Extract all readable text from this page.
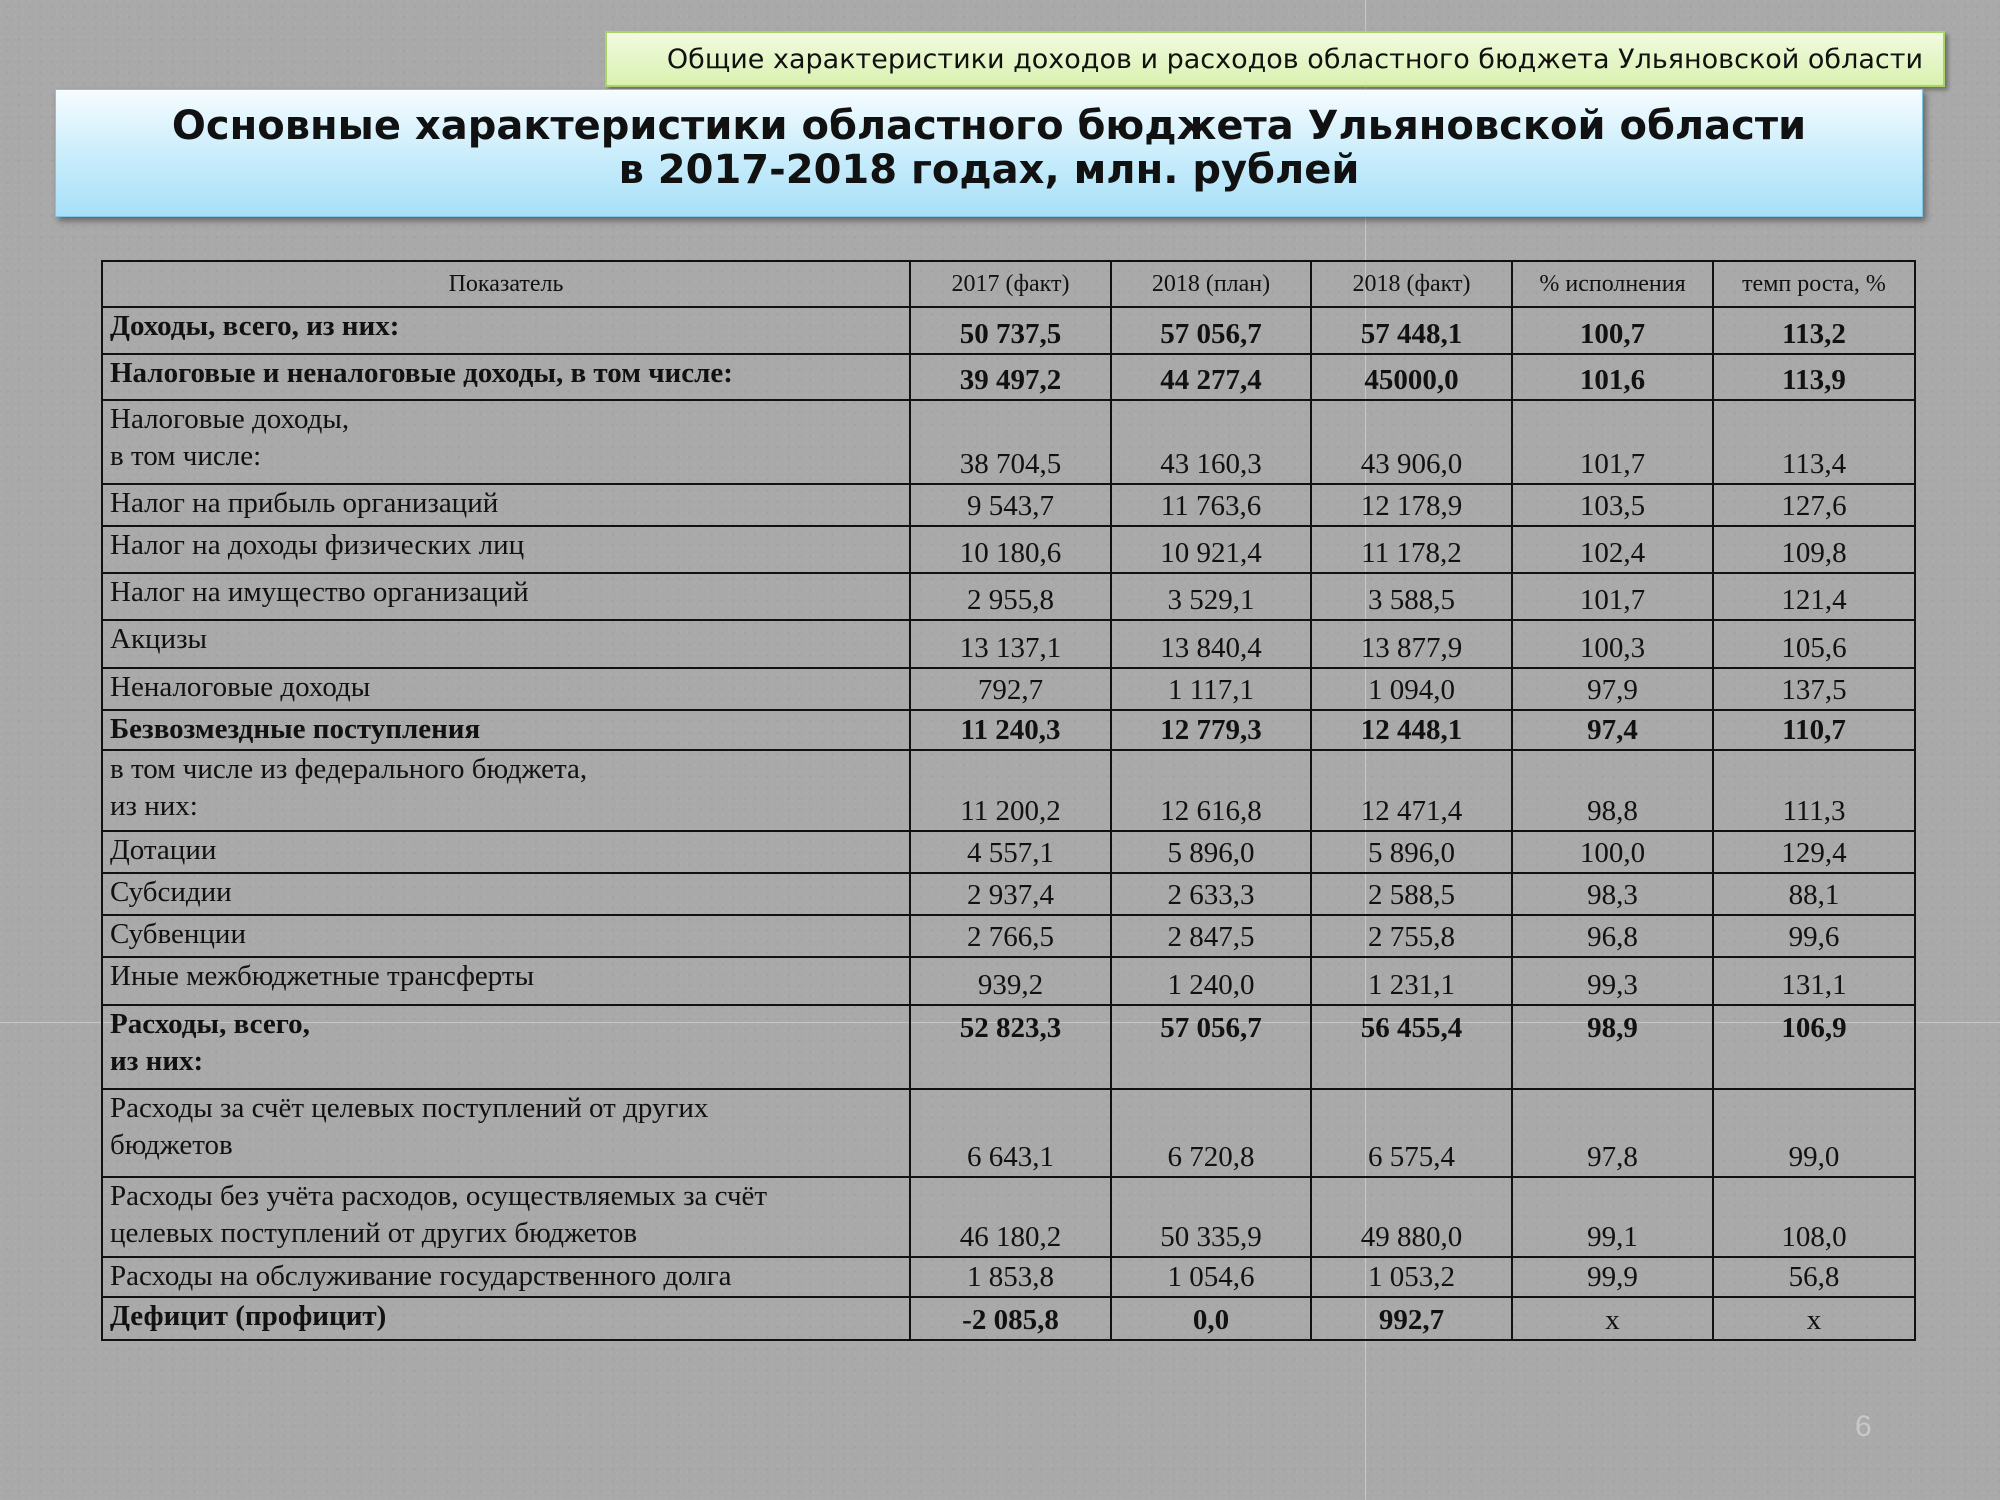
Общие характеристики доходов и расходов областного бюджета Ульяновской области
Основные характеристики областного бюджета Ульяновской области
в 2017-2018 годах, млн. рублей
Показатель	2017 (факт)	2018 (план)	2018 (факт)	% исполнения	темп роста, %
Доходы, всего, из них:	50 737,5	57 056,7	57 448,1	100,7	113,2
Налоговые и неналоговые доходы, в том числе:	39 497,2	44 277,4	45000,0	101,6	113,9
Налоговые доходы,
в том числе:	38 704,5	43 160,3	43 906,0	101,7	113,4
Налог на прибыль организаций	9 543,7	11 763,6	12 178,9	103,5	127,6
Налог на доходы физических лиц	10 180,6	10 921,4	11 178,2	102,4	109,8
Налог на имущество организаций	2 955,8	3 529,1	3 588,5	101,7	121,4
Акцизы	13 137,1	13 840,4	13 877,9	100,3	105,6
Неналоговые доходы	792,7	1 117,1	1 094,0	97,9	137,5
Безвозмездные поступления	11 240,3	12 779,3	12 448,1	97,4	110,7
в том числе из федерального бюджета,
из них:	11 200,2	12 616,8	12 471,4	98,8	111,3
Дотации	4 557,1	5 896,0	5 896,0	100,0	129,4
Субсидии	2 937,4	2 633,3	2 588,5	98,3	88,1
Субвенции	2 766,5	2 847,5	2 755,8	96,8	99,6
Иные межбюджетные трансферты	939,2	1 240,0	1 231,1	99,3	131,1
Расходы, всего,
из них:	52 823,3	57 056,7	56 455,4	98,9	106,9
Расходы за счёт целевых поступлений от других
бюджетов	6 643,1	6 720,8	6 575,4	97,8	99,0
Расходы без учёта расходов, осуществляемых за счёт
целевых поступлений от других бюджетов	46 180,2	50 335,9	49 880,0	99,1	108,0
Расходы на обслуживание государственного долга	1 853,8	1 054,6	1 053,2	99,9	56,8
Дефицит (профицит)	-2 085,8	0,0	992,7	х	х
6
